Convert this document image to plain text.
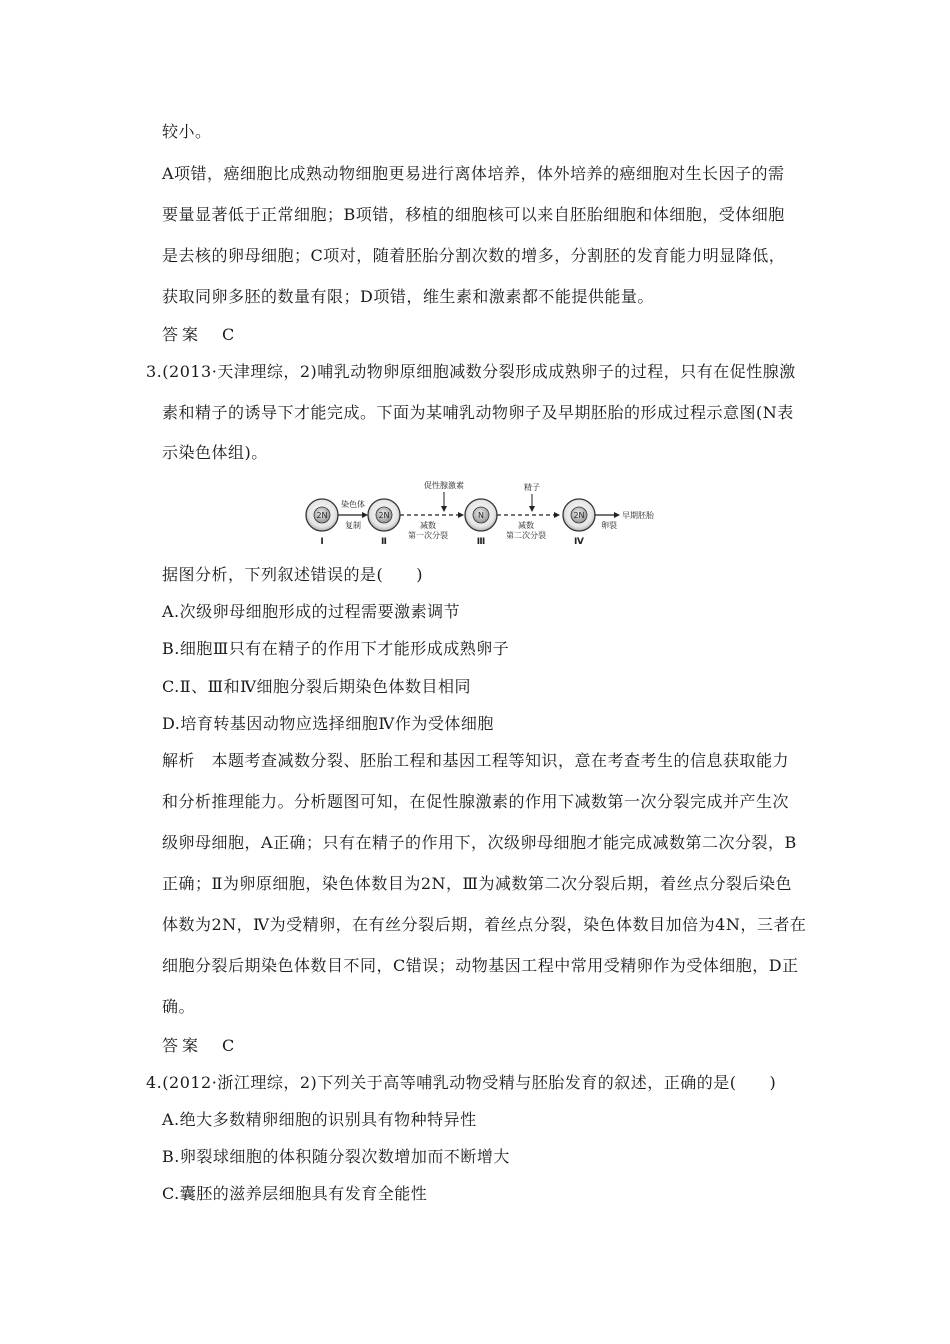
较小。
A项错，癌细胞比成熟动物细胞更易进行离体培养，体外培养的癌细胞对生长因子的需
要量显著低于正常细胞；B项错，移植的细胞核可以来自胚胎细胞和体细胞，受体细胞
是去核的卵母细胞；C项对，随着胚胎分割次数的增多，分割胚的发育能力明显降低，
获取同卵多胚的数量有限；D项错，维生素和激素都不能提供能量。
答案　C
3.(2013·天津理综，2)哺乳动物卵原细胞减数分裂形成成熟卵子的过程，只有在促性腺激
素和精子的诱导下才能完成。下面为某哺乳动物卵子及早期胚胎的形成过程示意图(N表
示染色体组)。
2N
Ⅰ
染色体
复制
2N
Ⅱ
促性腺激素
减数
第一次分裂
N
Ⅲ
精子
减数
第二次分裂
2N
Ⅳ
卵裂
早期胚胎
据图分析，下列叙述错误的是(　　)
A.次级卵母细胞形成的过程需要激素调节
B.细胞Ⅲ只有在精子的作用下才能形成成熟卵子
C.Ⅱ、Ⅲ和Ⅳ细胞分裂后期染色体数目相同
D.培育转基因动物应选择细胞Ⅳ作为受体细胞
解析　本题考查减数分裂、胚胎工程和基因工程等知识，意在考查考生的信息获取能力
和分析推理能力。分析题图可知，在促性腺激素的作用下减数第一次分裂完成并产生次
级卵母细胞，A正确；只有在精子的作用下，次级卵母细胞才能完成减数第二次分裂，B
正确；Ⅱ为卵原细胞，染色体数目为2N，Ⅲ为减数第二次分裂后期，着丝点分裂后染色
体数为2N，Ⅳ为受精卵，在有丝分裂后期，着丝点分裂，染色体数目加倍为4N，三者在
细胞分裂后期染色体数目不同，C错误；动物基因工程中常用受精卵作为受体细胞，D正
确。
答案　C
4.(2012·浙江理综，2)下列关于高等哺乳动物受精与胚胎发育的叙述，正确的是(　　)
A.绝大多数精卵细胞的识别具有物种特异性
B.卵裂球细胞的体积随分裂次数增加而不断增大
C.囊胚的滋养层细胞具有发育全能性
